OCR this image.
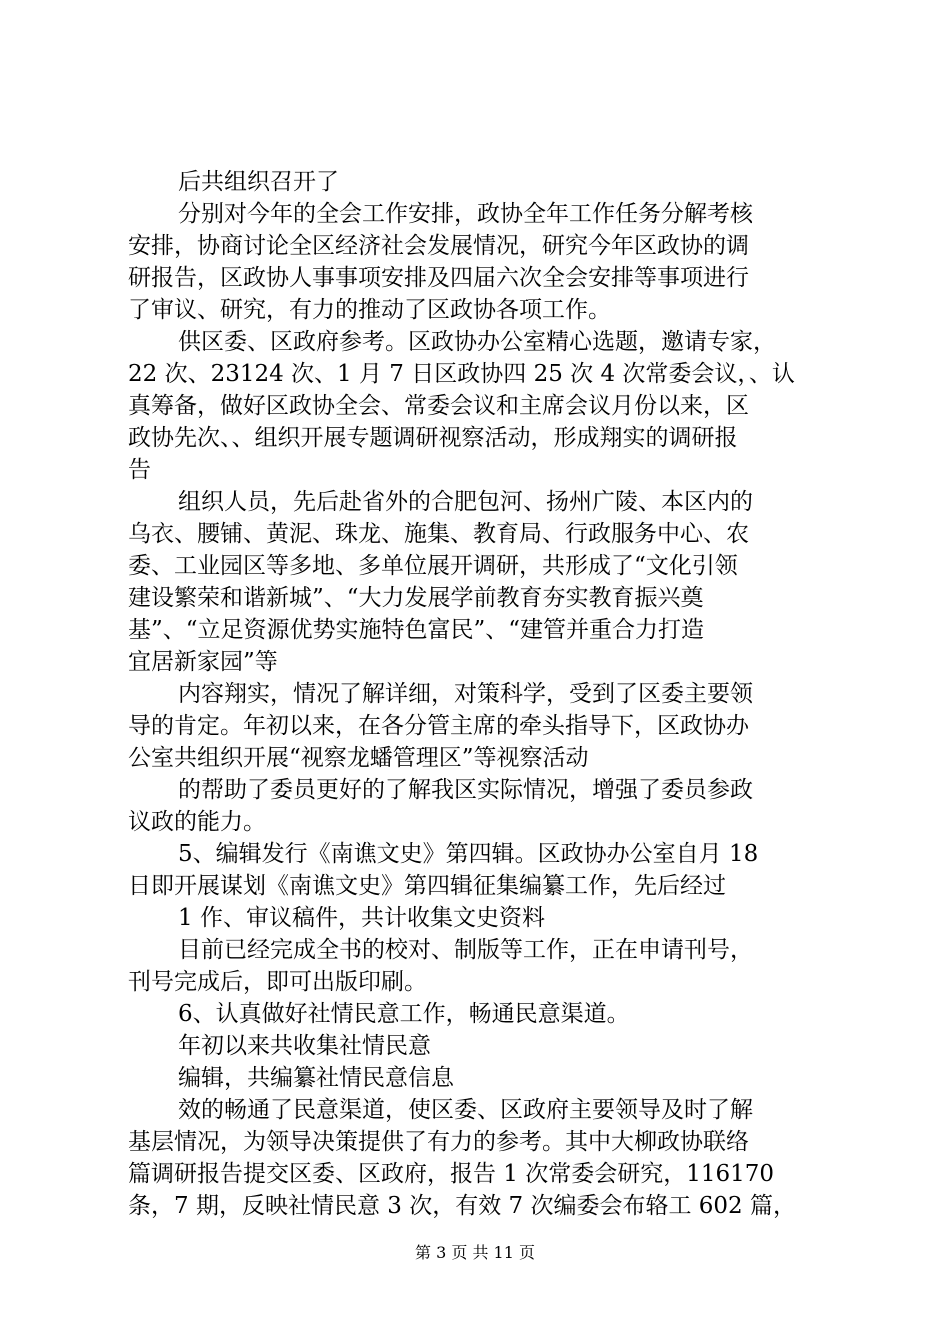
后共组织召开了
分别对今年的全会工作安排，政协全年工作任务分解考核
安排，协商讨论全区经济社会发展情况，研究今年区政协的调
研报告，区政协人事事项安排及四届六次全会安排等事项进行
了审议、研究，有力的推动了区政协各项工作。
供区委、区政府参考。区政协办公室精心选题，邀请专家，
22 次、23124 次、1 月 7 日区政协四 25 次 4 次常委会议，、认
真筹备，做好区政协全会、常委会议和主席会议月份以来，区
政协先次、、组织开展专题调研视察活动，形成翔实的调研报
告
组织人员，先后赴省外的合肥包河、扬州广陵、本区内的
乌衣、腰铺、黄泥、珠龙、施集、教育局、行政服务中心、农
委、工业园区等多地、多单位展开调研，共形成了“文化引领
建设繁荣和谐新城”、“大力发展学前教育夯实教育振兴奠
基”、“立足资源优势实施特色富民”、“建管并重合力打造
宜居新家园”等
内容翔实，情况了解详细，对策科学，受到了区委主要领
导的肯定。年初以来，在各分管主席的牵头指导下，区政协办
公室共组织开展“视察龙蟠管理区”等视察活动
的帮助了委员更好的了解我区实际情况，增强了委员参政
议政的能力。
5、编辑发行《南谯文史》第四辑。区政协办公室自月 18
日即开展谋划《南谯文史》第四辑征集编纂工作，先后经过
1 作、审议稿件，共计收集文史资料
目前已经完成全书的校对、制版等工作，正在申请刊号，
刊号完成后，即可出版印刷。
6、认真做好社情民意工作，畅通民意渠道。
年初以来共收集社情民意
编辑，共编纂社情民意信息
效的畅通了民意渠道，使区委、区政府主要领导及时了解
基层情况，为领导决策提供了有力的参考。其中大柳政协联络
篇调研报告提交区委、区政府，报告 1 次常委会研究，116170
条，7 期，反映社情民意 3 次，有效 7 次编委会布辂工 602 篇，
第 3 页 共 11 页
